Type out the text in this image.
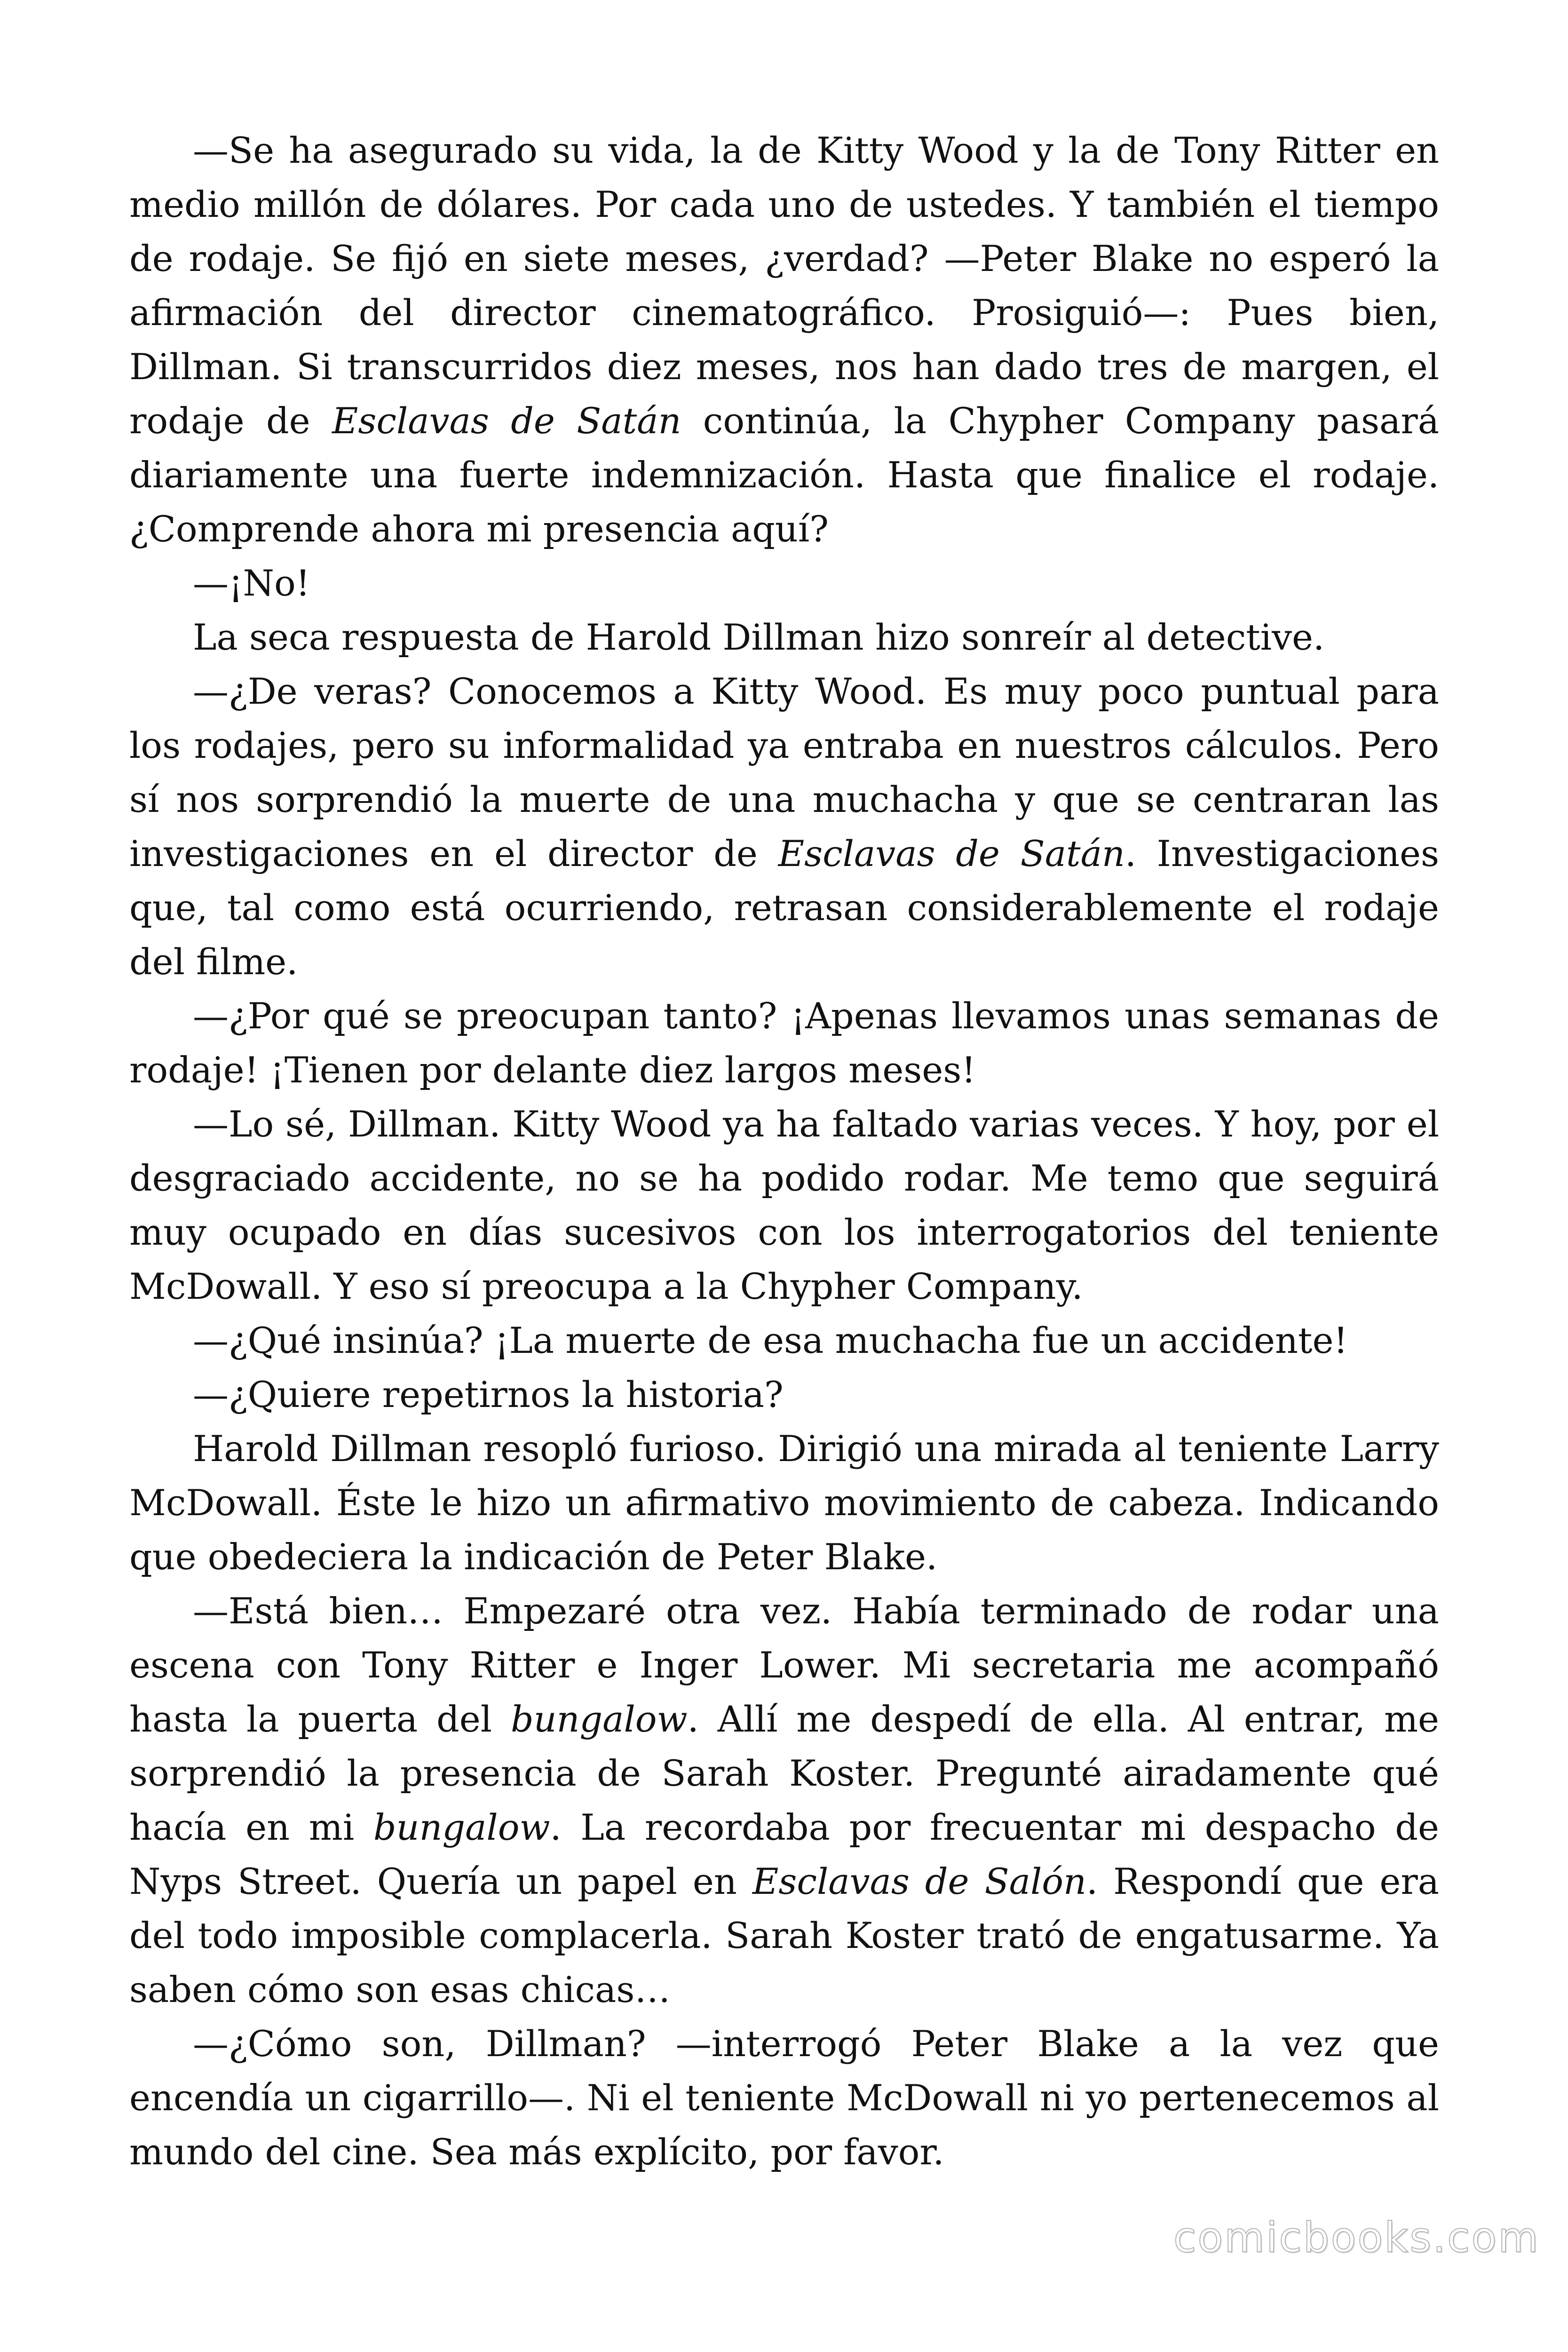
—Se ha asegurado su vida, la de Kitty Wood y la de Tony Ritter en medio millón de dólares. Por cada uno de ustedes. Y también el tiempo de rodaje. Se fijó en siete meses, ¿verdad? —Peter Blake no esperó la afirmación del director cinematográfico. Prosiguió—: Pues bien, Dillman. Si transcurridos diez meses, nos han dado tres de margen, el rodaje de Esclavas de Satán continúa, la Chypher Company pasará diariamente una fuerte indemnización. Hasta que finalice el rodaje. ¿Comprende ahora mi presencia aquí?

—¡No!

La seca respuesta de Harold Dillman hizo sonreír al detective.

—¿De veras? Conocemos a Kitty Wood. Es muy poco puntual para los rodajes, pero su informalidad ya entraba en nuestros cálculos. Pero sí nos sorprendió la muerte de una muchacha y que se centraran las investigaciones en el director de Esclavas de Satán. Investigaciones que, tal como está ocurriendo, retrasan considerablemente el rodaje del filme.

—¿Por qué se preocupan tanto? ¡Apenas llevamos unas semanas de rodaje! ¡Tienen por delante diez largos meses!

—Lo sé, Dillman. Kitty Wood ya ha faltado varias veces. Y hoy, por el desgraciado accidente, no se ha podido rodar. Me temo que seguirá muy ocupado en días sucesivos con los interrogatorios del teniente McDowall. Y eso sí preocupa a la Chypher Company.

—¿Qué insinúa? ¡La muerte de esa muchacha fue un accidente!

—¿Quiere repetirnos la historia?

Harold Dillman resopló furioso. Dirigió una mirada al teniente Larry McDowall. Éste le hizo un afirmativo movimiento de cabeza. Indicando que obedeciera la indicación de Peter Blake.

—Está bien… Empezaré otra vez. Había terminado de rodar una escena con Tony Ritter e Inger Lower. Mi secretaria me acompañó hasta la puerta del bungalow. Allí me despedí de ella. Al entrar, me sorprendió la presencia de Sarah Koster. Pregunté airadamente qué hacía en mi bungalow. La recordaba por frecuentar mi despacho de Nyps Street. Quería un papel en Esclavas de Salón. Respondí que era del todo imposible complacerla. Sarah Koster trató de engatusarme. Ya saben cómo son esas chicas…

—¿Cómo son, Dillman? —interrogó Peter Blake a la vez que encendía un cigarrillo—. Ni el teniente McDowall ni yo pertenecemos al mundo del cine. Sea más explícito, por favor.

comicbooks.com
